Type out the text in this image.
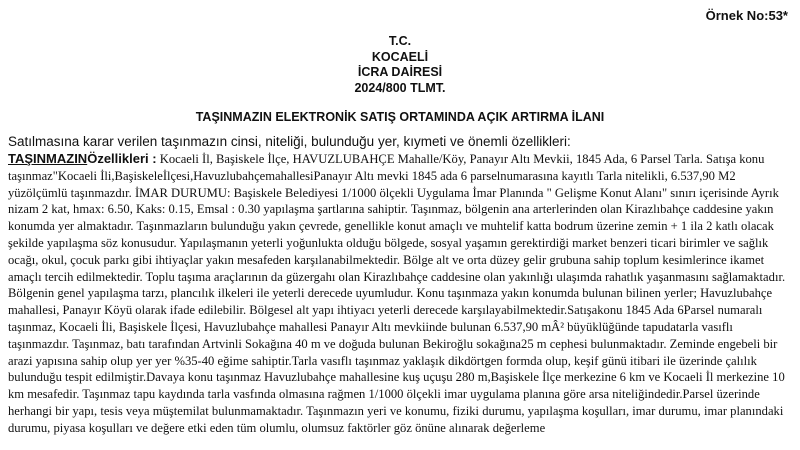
Örnek No:53*
T.C.
KOCAELİ
İCRA DAİRESİ
2024/800 TLMT.
TAŞINMAZIN ELEKTRONİK SATIŞ ORTAMINDA AÇIK ARTIRMA İLANI
Satılmasına karar verilen taşınmazın cinsi, niteliği, bulunduğu yer, kıymeti ve önemli özellikleri:
TAŞINMAZINÖzellikleri : Kocaeli İl, Başiskele İlçe, HAVUZLUBAHÇE Mahalle/Köy, Panayır Altı Mevkii, 1845 Ada, 6 Parsel Tarla. Satışa konu taşınmaz"Kocaeli İli,Başiskeleİlçesi,HavuzlubahçemahallesiPanayır Altı mevki 1845 ada 6 parselnumarasına kayıtlı Tarla nitelikli, 6.537,90 M2 yüzölçümlü taşınmazdır. İMAR DURUMU: Başiskele Belediyesi 1/1000 ölçekli Uygulama İmar Planında " Gelişme Konut Alanı" sınırı içerisinde Ayrık nizam 2 kat, hmax: 6.50, Kaks: 0.15, Emsal : 0.30 yapılaşma şartlarına sahiptir. Taşınmaz, bölgenin ana arterlerinden olan Kirazlıbahçe caddesine yakın konumda yer almaktadır. Taşınmazların bulunduğu yakın çevrede, genellikle konut amaçlı ve muhtelif katta bodrum üzerine zemin + 1 ila 2 katlı olacak şekilde yapılaşma söz konusudur. Yapılaşmanın yeterli yoğunlukta olduğu bölgede, sosyal yaşamın gerektirdiği market benzeri ticari birimler ve sağlık ocağı, okul, çocuk parkı gibi ihtiyaçlar yakın mesafeden karşılanabilmektedir. Bölge alt ve orta düzey gelir grubuna sahip toplum kesimlerince ikamet amaçlı tercih edilmektedir. Toplu taşıma araçlarının da güzergahı olan Kirazlıbahçe caddesine olan yakınlığı ulaşımda rahatlık yaşanmasını sağlamaktadır. Bölgenin genel yapılaşma tarzı, plancılık ilkeleri ile yeterli derecede uyumludur. Konu taşınmaza yakın konumda bulunan bilinen yerler; Havuzlubahçe mahallesi, Panayır Köyü olarak ifade edilebilir. Bölgesel alt yapı ihtiyacı yeterli derecede karşılayabilmektedir.Satışakonu 1845 Ada 6Parsel numaralı taşınmaz, Kocaeli İli, Başiskele İlçesi, Havuzlubahçe mahallesi Panayır Altı mevkiinde bulunan 6.537,90 mÂ² büyüklüğünde tapudatarla vasıflı taşınmazdır. Taşınmaz, batı tarafından Artvinli Sokağına 40 m ve doğuda bulunan Bekiroğlu sokağına25 m cephesi bulunmaktadır. Zeminde engebeli bir arazi yapısına sahip olup yer yer %35-40 eğime sahiptir.Tarla vasıflı taşınmaz yaklaşık dikdörtgen formda olup, keşif günü itibari ile üzerinde çalılık bulunduğu tespit edilmiştir.Davaya konu taşınmaz Havuzlubahçe mahallesine kuş uçuşu 280 m,Başiskele İlçe merkezine 6 km ve Kocaeli İl merkezine 10 km mesafedir. Taşınmaz tapu kaydında tarla vasfında olmasına rağmen 1/1000 ölçekli imar uygulama planına göre arsa niteliğindedir.Parsel üzerinde herhangi bir yapı, tesis veya müştemilat bulunmamaktadır. Taşınmazın yeri ve konumu, fiziki durumu, yapılaşma koşulları, imar durumu, imar planındaki durumu, piyasa koşulları ve değere etki eden tüm olumlu, olumsuz faktörler göz önüne alınarak değerleme
